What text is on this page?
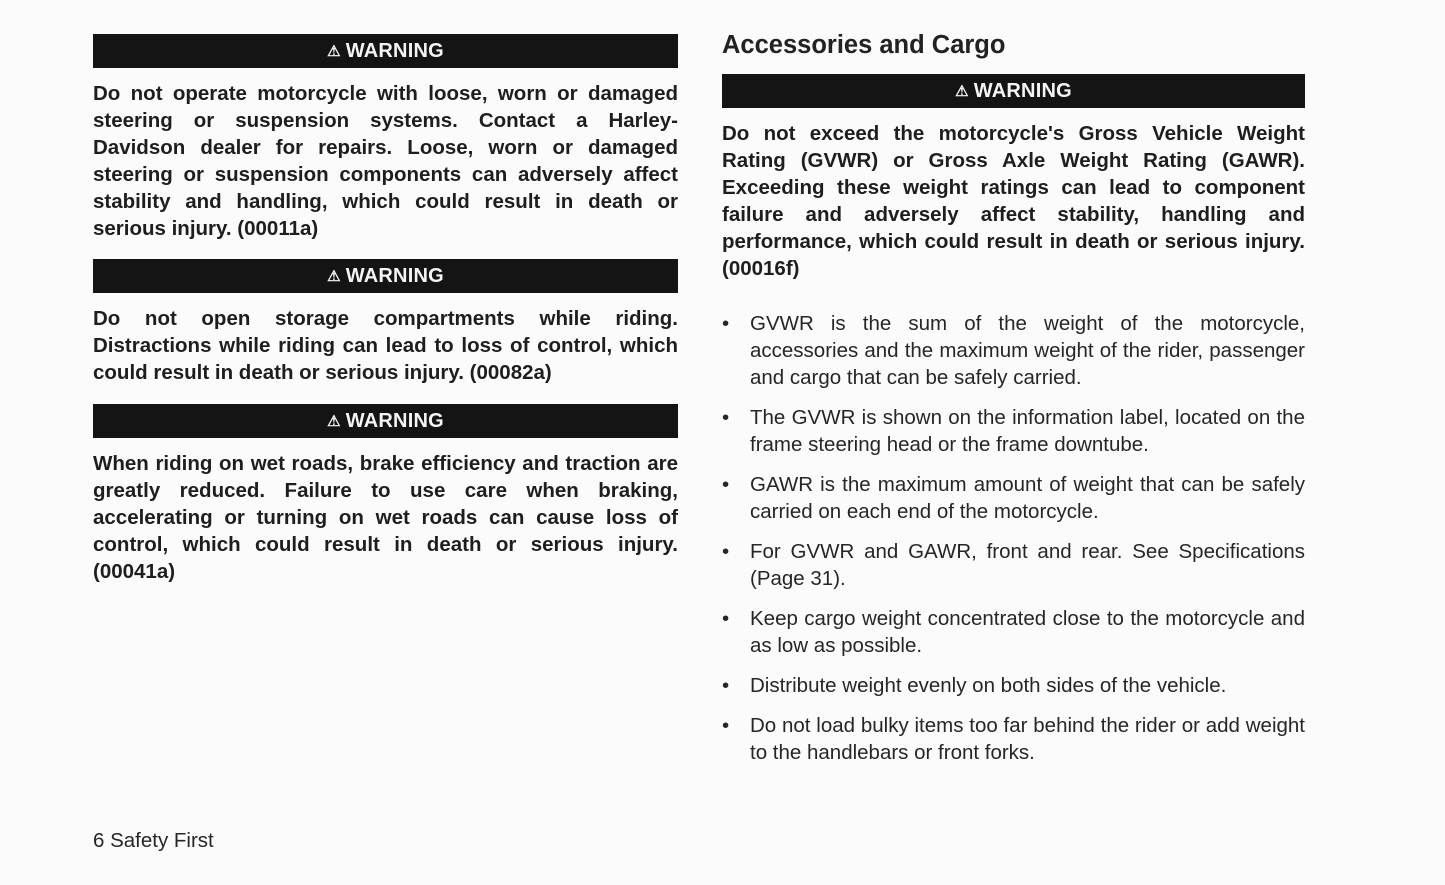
⚠ WARNING

Do not operate motorcycle with loose, worn or damaged steering or suspension systems. Contact a Harley-Davidson dealer for repairs. Loose, worn or damaged steering or suspension components can adversely affect stability and handling, which could result in death or serious injury. (00011a)

⚠ WARNING

Do not open storage compartments while riding. Distractions while riding can lead to loss of control, which could result in death or serious injury. (00082a)

⚠ WARNING

When riding on wet roads, brake efficiency and traction are greatly reduced. Failure to use care when braking, accelerating or turning on wet roads can cause loss of control, which could result in death or serious injury. (00041a)

Accessories and Cargo
⚠ WARNING

Do not exceed the motorcycle's Gross Vehicle Weight Rating (GVWR) or Gross Axle Weight Rating (GAWR). Exceeding these weight ratings can lead to component failure and adversely affect stability, handling and performance, which could result in death or serious injury. (00016f)

•	GVWR is the sum of the weight of the motorcycle, accessories and the maximum weight of the rider, passenger and cargo that can be safely carried.
•	The GVWR is shown on the information label, located on the frame steering head or the frame downtube.
•	GAWR is the maximum amount of weight that can be safely carried on each end of the motorcycle.
•	For GVWR and GAWR, front and rear. See Specifications (Page 31).
•	Keep cargo weight concentrated close to the motorcycle and as low as possible.
•	Distribute weight evenly on both sides of the vehicle.
•	Do not load bulky items too far behind the rider or add weight to the handlebars or front forks.
6 Safety First
